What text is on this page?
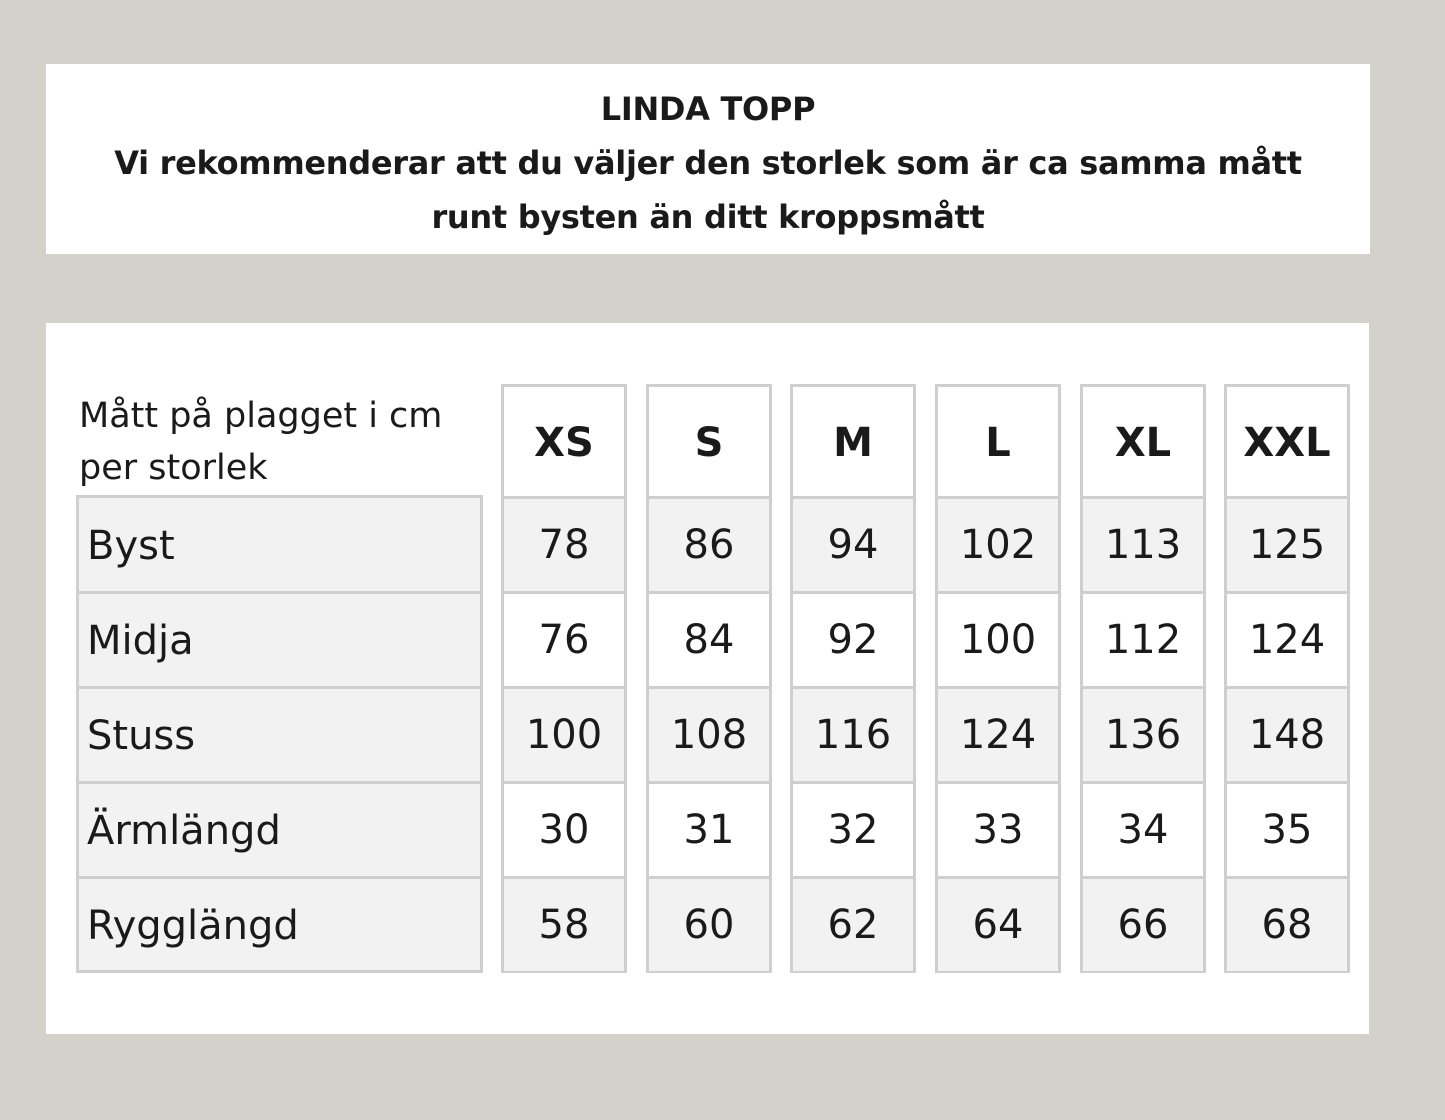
LINDA TOPP
Vi rekommenderar att du väljer den storlek som är ca samma mått
runt bysten än ditt kroppsmått
Mått på plagget i cm
per storlek
Byst
Midja
Stuss
Ärmlängd
Rygglängd
XS
78
76
100
30
58
S
86
84
108
31
60
M
94
92
116
32
62
L
102
100
124
33
64
XL
113
112
136
34
66
XXL
125
124
148
35
68
